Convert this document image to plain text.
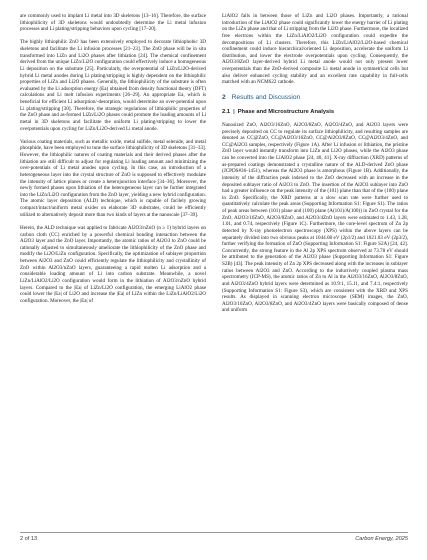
are commonly used to implant Li metal into 3D skeletons [13–16]. Therefore, the surface lithiophilicity of 3D skeletons would undoubtedly determine the Li metal infusion processes and Li plating/stripping behaviors upon cycling [17–20].

The highly lithiophilic ZnO has been extensively employed to decorate lithiophobic 3D skeletons and facilitate the Li infusion processes [21–23]. The ZnO phase will be in situ transformed into LiZn and Li2O phases after lithiation [24]. The chemical confinement derived from the unique LiZn/Li2O configuration could effectively induce a homogeneous Li deposition on the substrate [25]. Particularly, the overpotential of LiZn/Li2O-derived hybrid Li metal anodes during Li plating/stripping is highly dependent on the lithiophilic properties of LiZn and Li2O phases. Generally, the lithiophilicity of the substrate is often evaluated by the Li adsorption energy (Ea) obtained from density functional theory (DFT) calculations and Li melt infusion experiments [26–29]. An appropriate Ea, which is beneficial for efficient Li adsorption/-desorption, would determine an over-potential upon Li plating/stripping [30]. Therefore, the strategic regulations of lithiophilic properties of the ZnO phase and as-formed LiZn/Li2O phases could promote the loading amounts of Li metal in 3D skeletons and facilitate the uniform Li plating/stripping to lower the overpotentials upon cycling for LiZn/Li2O-derived Li metal anode.

Various coating materials, such as metallic oxide, metal sulfide, metal selenide, and metal phosphide, have been employed to tune the surface lithiophilicity of 3D skeletons [31–33]. However, the lithiophilic natures of coating materials and their derived phases after the lithiation are still difficult to adjust for regulating Li loading amount and minimizing the over-potentials of Li metal anodes upon cycling. In this case, an introduction of a heterogeneous layer into the crystal structure of ZnO is supposed to effectively modulate the intensity of lattice planes or create a heterojunction interface [34–36]. Moreover, the newly formed phases upon lithiation of the heterogeneous layer can be further integrated into the LiZn/Li2O configuration from the ZnO layer, yielding a new hybrid configuration. The atomic layer deposition (ALD) technique, which is capable of facilely growing compact/intact/uniform metal oxides on elaborate 3D substrates, could be efficiently utilized to alternatively deposit more than two kinds of layers at the nanoscale [37–39].

Herein, the ALD technique was applied to fabricate Al2O3/nZnO (n ≥ 1) hybrid layers on carbon cloth (CC) enriched by a powerful chemical bonding interaction between the Al2O3 layer and the ZnO layer. Importantly, the atomic ratios of Al2O3 to ZnO could be rationally adjusted to simultaneously ameliorate the lithiophilicity of the ZnO phase and modify the Li2O/LiZn configuration. Specifically, the optimization of sublayer proportion between Al2O3 and ZnO could efficiently regulate the lithiophilicity and crystallinity of ZnO within Al2O3/nZnO layers, guaranteeing a rapid molten Li adsorption and a considerable loading amount of Li into carbon substrate. Meanwhile, a novel LiZn/LiAlO2/Li2O configuration would form in the lithiation of Al2O3/nZnO hybrid layers. Compared to the |Ea| of LiZn/Li2O configuration, the emerging LiAlO2 phase could lower the |Ea| of Li2O and increase the |Ea| of LiZn within the LiZn/LiAlO2/Li2O configuration. Moreover, the |Ea| of

LiAlO2 falls in between those of LiZn and Li2O phases. Importantly, a rational introduction of the LiAlO2 phase could significantly lower the energy barrier of Li plating on the LiZn phase and that of Li stripping from the Li2O phase. Furthermore, the localized free electrons within the LiZn/LiAlO2/Li2O configuration could expedite the decompositions of Li clusters. Therefore, this LiZn/LiAlO2/Li2O-based chemical confinement could induce hierarchical/oriented Li deposition, accelerate the uniform Li distribution, and lower the electrode overpotentials upon cycling. Consequently, the Al2O3/8ZnO layer-derived hybrid Li metal anode would not only present lower overpotentials than the ZnO-derived composite Li metal anode in symmetrical cells but also deliver enhanced cycling stability and an excellent rate capability in full-cells matched with an NCM622 cathode.

2 Results and Discussion
2.1 | Phase and Microstructure Analysis

Nanosized ZnO, Al2O3/16ZnO, Al2O3/8ZnO, Al2O3/4ZnO, and Al2O3 layers were precisely deposited on CC to regulate its surface lithiophilicity, and resulting samples are denoted as CC@ZnO, CC@Al2O3/16ZnO, CC@Al2O3/8ZnO, CC@Al2O3/4ZnO, and CC@Al2O3 samples, respectively (Figure 1A). After Li infusion or lithiation, the pristine ZnO layer would instantly transform into LiZn and Li2O phases, while the Al2O3 phase can be converted into the LiAlO2 phase [24, 40, 41]. X-ray diffraction (XRD) patterns of as-prepared coatings demonstrated a crystalline nature of the ALD-derived ZnO phase (JCPDS#36-1451), whereas the Al2O3 phase is amorphous (Figure 1B). Additionally, the intensity of the diffraction peak indexed to the ZnO decreased with an increase in the deposited sublayer ratio of Al2O3 to ZnO. The insertion of the Al2O3 sublayer into ZnO had a greater influence on the peak intensity of the (101) plane than that of the (100) plane in ZnO. Specifically, the XRD patterns at a slow scan rate were further used to quantitatively calculate the peak areas (Supporting Information S1: Figure S1). The ratios of peak areas between (101) plane and (100) plane (A(101)/A(100)) in ZnO crystal for the ZnO, Al2O3/16ZnO, Al2O3/8ZnO, and Al2O3/4ZnO layers were estimated to 1.43, 1.28, 1.01, and 0.74, respectively (Figure 1C). Furthermore, the core-level spectrum of Zn 2p detected by X-ray photoelectron spectroscopy (XPS) within the above layers can be separately divided into two obvious peaks at 1044.08 eV (2p1/2) and 1021.03 eV (2p3/2), further verifying the formation of ZnO (Supporting Information S1: Figure S2A) [24, 42]. Concurrently, the strong feature in the Al 2p XPS spectrum observed at 73.78 eV should be attributed to the generation of the Al2O3 phase (Supporting Information S1: Figure S2B) [43]. The peak intensity of Zn 2p XPS decreased along with the increases in sublayer ratios between Al2O3 and ZnO. According to the inductively coupled plasma mass spectrometry (ICP-MS), the atomic ratios of Zn to Al in the Al2O3/16ZnO, Al2O3/8ZnO, and Al2O3/4ZnO hybrid layers were determined as 10.9:1, 15.11, and 7.4:1, respectively (Supporting Information S1: Figure S3), which are consistent with the XRD and XPS results. As displayed in scanning electron microscope (SEM) images, the ZnO, Al2O3/16ZnO, Al2O3/8ZnO, and Al2O3/4ZnO layers were basically composed of dense and uniform

2 of 13	Carbon Energy, 2025
